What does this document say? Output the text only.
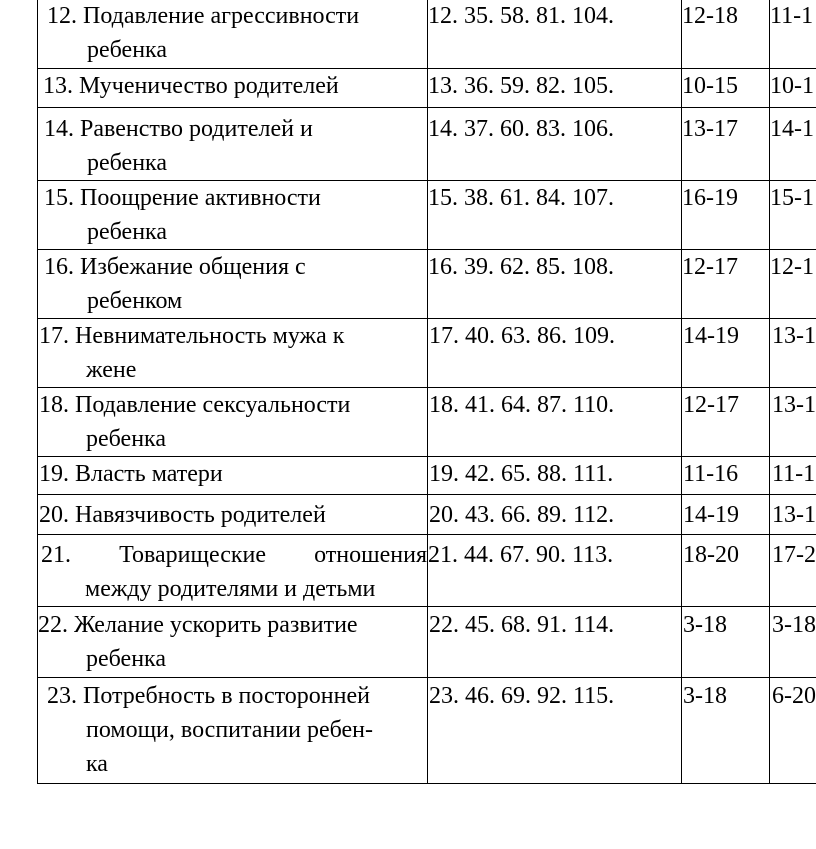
12. Подавление агрессивности
ребенка	12. 35. 58. 81. 104.	12-18	11-1

13. Мученичество родителей	13. 36. 59. 82. 105.	10-15	10-1

14. Равенство родителей и
ребенка	14. 37. 60. 83. 106.	13-17	14-1

15. Поощрение активности
ребенка	15. 38. 61. 84. 107.	16-19	15-1

16. Избежание общения с
ребенком	16. 39. 62. 85. 108.	12-17	12-1

17. Невнимательность мужа к
жене	17. 40. 63. 86. 109.	14-19	13-1

18. Подавление сексуальности
ребенка	18. 41. 64. 87. 110.	12-17	13-1

19. Власть матери	19. 42. 65. 88. 111.	11-16	11-1

20. Навязчивость родителей	20. 43. 66. 89. 112.	14-19	13-1

21. Товарищеские отношения
между родителями и детьми	21. 44. 67. 90. 113.	18-20	17-2

22. Желание ускорить развитие
ребенка	22. 45. 68. 91. 114.	3-18	3-18

23. Потребность в посторонней
помощи, воспитании ребен-
ка	23. 46. 69. 92. 115.	3-18	6-20
